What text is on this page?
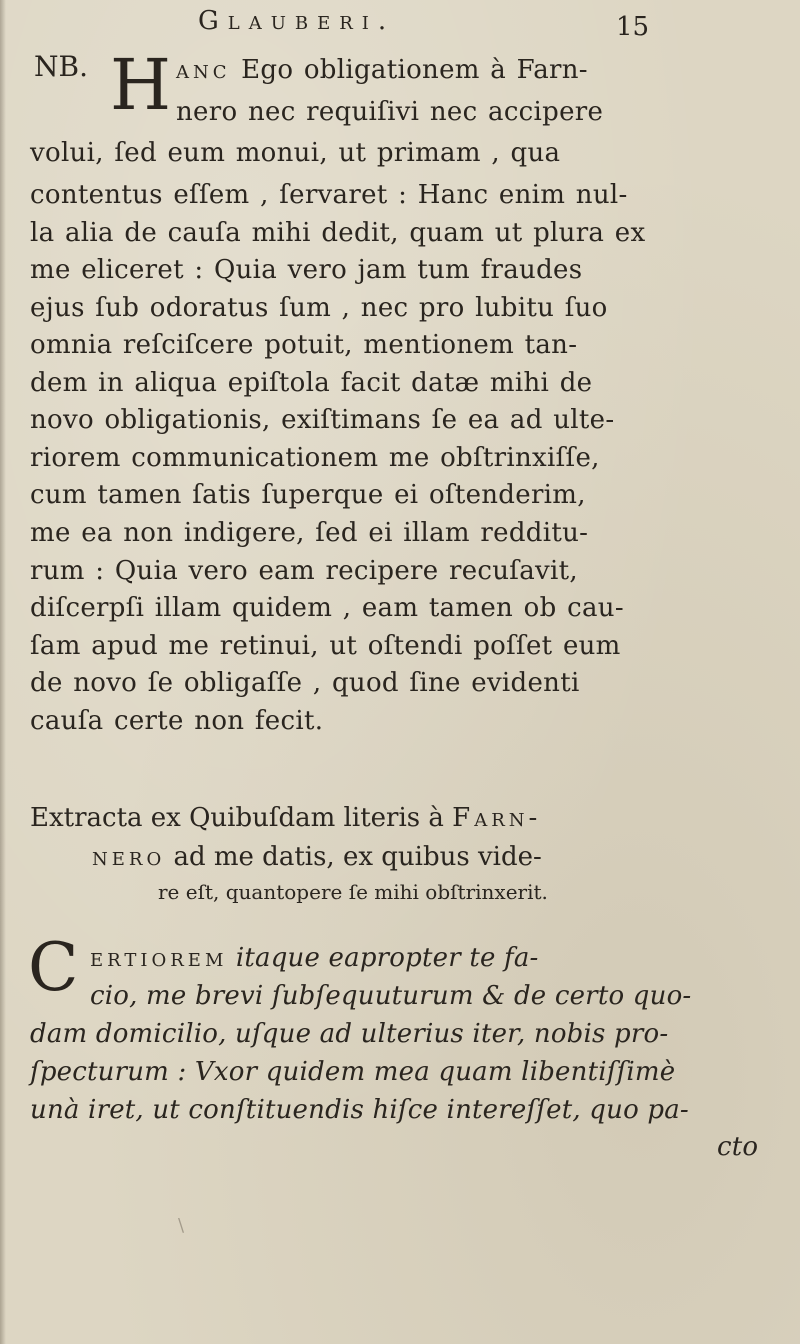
Glauberi.	15
NB. H anc Ego obligationem à Farn-
nero nec requiſivi nec accipere
volui, ſed eum monui, ut primam , qua
contentus eſſem , ſervaret : Hanc enim nul-
la alia de cauſa mihi dedit, quam ut plura ex
me eliceret : Quia vero jam tum fraudes
ejus ſub odoratus ſum , nec pro lubitu ſuo
omnia reſciſcere potuit, mentionem tan-
dem in aliqua epiſtola facit datæ mihi de
novo obligationis, exiſtimans ſe ea ad ulte-
riorem communicationem me obſtrinxiſſe,
cum tamen ſatis ſuperque ei oſtenderim,
me ea non indigere, ſed ei illam redditu-
rum : Quia vero eam recipere recuſavit,
diſcerpſi illam quidem , eam tamen ob cau-
ſam apud me retinui, ut oſtendi poſſet eum
de novo ſe obligaſſe , quod ſine evidenti
cauſa certe non fecit.
Extracta ex Quibuſdam literis à Farn-
nero ad me datis, ex quibus vide-
re eſt, quantopere ſe mihi obſtrinxerit.
C ertiorem itaque eapropter te fa-
cio, me brevi ſubſequuturum & de certo quo-
dam domicilio, uſque ad ulterius iter, nobis pro-
ſpecturum : Vxor quidem mea quam libentiſſimè
unà iret, ut conſtituendis hiſce intereſſet, quo pa-
cto
\
